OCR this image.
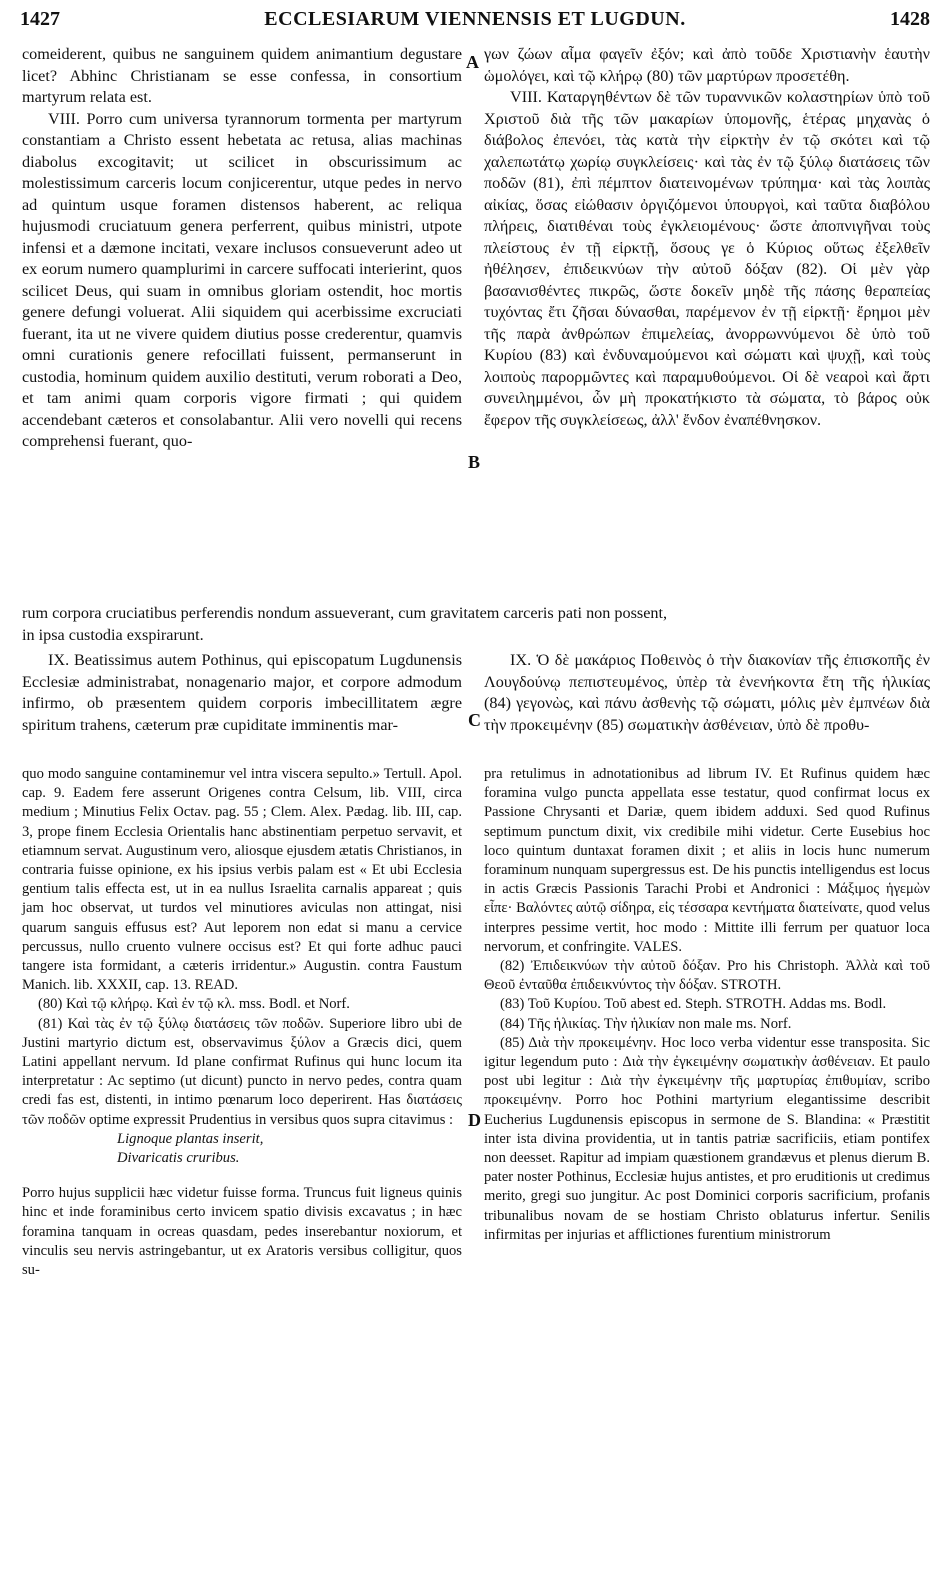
1427	ECCLESIARUM VIENNENSIS ET LUGDUN.	1428

comeiderent, quibus ne sanguinem quidem animantium degustare licet? Abhinc Christianam se esse confessa, in consortium martyrum relata est.

VIII. Porro cum universa tyrannorum tormenta per martyrum constantiam a Christo essent hebetata ac retusa, alias machinas diabolus excogitavit; ut scilicet in obscurissimum ac molestissimum carceris locum conjicerentur, utque pedes in nervo ad quintum usque foramen distensos haberent, ac reliqua hujusmodi cruciatuum genera perferrent, quibus ministri, utpote infensi et a dæmone incitati, vexare inclusos consueverunt adeo ut ex eorum numero quamplurimi in carcere suffocati interierint, quos scilicet Deus, qui suam in omnibus gloriam ostendit, hoc mortis genere defungi voluerat. Alii siquidem qui acerbissime excruciati fuerant, ita ut ne vivere quidem diutius posse crederentur, quamvis omni curationis genere refocillati fuissent, permanserunt in custodia, hominum quidem auxilio destituti, verum roborati a Deo, et tam animi quam corporis vigore firmati ; qui quidem accendebant cæteros et consolabantur. Alii vero novelli qui recens comprehensi fuerant, quo-

γων ζώων αἷμα φαγεῖν ἐξόν; καὶ ἀπὸ τοῦδε Χριστιανὴν ἑαυτὴν ὡμολόγει, καὶ τῷ κλήρῳ (80) τῶν μαρτύρων προσετέθη.

VIII. Καταργηθέντων δὲ τῶν τυραννικῶν κολαστηρίων ὑπὸ τοῦ Χριστοῦ διὰ τῆς τῶν μακαρίων ὑπομονῆς, ἑτέρας μηχανὰς ὁ διάβολος ἐπενόει, τὰς κατὰ τὴν εἱρκτὴν ἐν τῷ σκότει καὶ τῷ χαλεπωτάτῳ χωρίῳ συγκλείσεις· καὶ τὰς ἐν τῷ ξύλῳ διατάσεις τῶν ποδῶν (81), ἐπὶ πέμπτον διατεινομένων τρύπημα· καὶ τὰς λοιπὰς αἰκίας, ὅσας εἰώθασιν ὀργιζόμενοι ὑπουργοὶ, καὶ ταῦτα διαβόλου πλήρεις, διατιθέναι τοὺς ἐγκλειομένους· ὥστε ἀποπνιγῆναι τοὺς πλείστους ἐν τῇ εἱρκτῇ, ὅσους γε ὁ Κύριος οὕτως ἐξελθεῖν ἠθέλησεν, ἐπιδεικνύων τὴν αὐτοῦ δόξαν (82). Οἱ μὲν γὰρ βασανισθέντες πικρῶς, ὥστε δοκεῖν μηδὲ τῆς πάσης θεραπείας τυχόντας ἔτι ζῆσαι δύνασθαι, παρέμενον ἐν τῇ εἱρκτῇ· ἔρημοι μὲν τῆς παρὰ ἀνθρώπων ἐπιμελείας, ἀνορρωννύμενοι δὲ ὑπὸ τοῦ Κυρίου (83) καὶ ἐνδυναμούμενοι καὶ σώματι καὶ ψυχῇ, καὶ τοὺς λοιποὺς παρορμῶντες καὶ παραμυθούμενοι. Οἱ δὲ νεαροὶ καὶ ἄρτι συνειλημμένοι, ὧν μὴ προκατήκιστο τὰ σώματα, τὸ βάρος οὐκ ἔφερον τῆς συγκλείσεως, ἀλλ' ἔνδον ἐναπέθνησκον.

A
B
C
D
rum corpora cruciatibus perferendis nondum assueverant, cum gravitatem carceris pati non possent,
in ipsa custodia exspirarunt.

IX. Beatissimus autem Pothinus, qui episcopatum Lugdunensis Ecclesiæ administrabat, nonagenario major, et corpore admodum infirmo, ob præsentem quidem corporis imbecillitatem ægre spiritum trahens, cæterum præ cupiditate imminentis mar-

IX. Ὁ δὲ μακάριος Ποθεινὸς ὁ τὴν διακονίαν τῆς ἐπισκοπῆς ἐν Λουγδούνῳ πεπιστευμένος, ὑπὲρ τὰ ἐνενήκοντα ἔτη τῆς ἡλικίας (84) γεγονὼς, καὶ πάνυ ἀσθενὴς τῷ σώματι, μόλις μὲν ἐμπνέων διὰ τὴν προκειμένην (85) σωματικὴν ἀσθένειαν, ὑπὸ δὲ προθυ-

quo modo sanguine contaminemur vel intra viscera sepulto.» Tertull. Apol. cap. 9. Eadem fere asserunt Origenes contra Celsum, lib. VIII, circa medium ; Minutius Felix Octav. pag. 55 ; Clem. Alex. Pædag. lib. III, cap. 3, prope finem Ecclesia Orientalis hanc abstinentiam perpetuo servavit, et etiamnum servat. Augustinum vero, aliosque ejusdem ætatis Christianos, in contraria fuisse opinione, ex his ipsius verbis palam est « Et ubi Ecclesia gentium talis effecta est, ut in ea nullus Israelita carnalis appareat ; quis jam hoc observat, ut turdos vel minutiores aviculas non attingat, nisi quarum sanguis effusus est? Aut leporem non edat si manu a cervice percussus, nullo cruento vulnere occisus est? Et qui forte adhuc pauci tangere ista formidant, a cæteris irridentur.» Augustin. contra Faustum Manich. lib. XXXII, cap. 13. READ.

(80) Καὶ τῷ κλήρῳ. Καὶ ἐν τῷ κλ. mss. Bodl. et Norf.

(81) Καὶ τὰς ἐν τῷ ξύλῳ διατάσεις τῶν ποδῶν. Superiore libro ubi de Justini martyrio dictum est, observavimus ξύλον a Græcis dici, quem Latini appellant nervum. Id plane confirmat Rufinus qui hunc locum ita interpretatur : Ac septimo (ut dicunt) puncto in nervo pedes, contra quam credi fas est, distenti, in intimo pœnarum loco deperirent. Has διατάσεις τῶν ποδῶν optime expressit Prudentius in versibus quos supra citavimus :

Lignoque plantas inserit,

Divaricatis cruribus.

Porro hujus supplicii hæc videtur fuisse forma. Truncus fuit ligneus quinis hinc et inde foraminibus certo invicem spatio divisis excavatus ; in hæc foramina tanquam in ocreas quasdam, pedes inserebantur noxiorum, et vinculis seu nervis astringebantur, ut ex Aratoris versibus colligitur, quos su-

pra retulimus in adnotationibus ad librum IV. Et Rufinus quidem hæc foramina vulgo puncta appellata esse testatur, quod confirmat locus ex Passione Chrysanti et Dariæ, quem ibidem adduxi. Sed quod Rufinus septimum punctum dixit, vix credibile mihi videtur. Certe Eusebius hoc loco quintum duntaxat foramen dixit ; et aliis in locis hunc numerum foraminum nunquam supergressus est. De his punctis intelligendus est locus in actis Græcis Passionis Tarachi Probi et Andronici : Μάξιμος ἡγεμὼν εἶπε· Βαλόντες αὐτῷ σίδηρα, εἰς τέσσαρα κεντήματα διατείνατε, quod velus interpres pessime vertit, hoc modo : Mittite illi ferrum per quatuor loca nervorum, et confringite. VALES.

(82) Ἐπιδεικνύων τὴν αὐτοῦ δόξαν. Pro his Christoph. Ἀλλὰ καὶ τοῦ Θεοῦ ἐνταῦθα ἐπιδεικνύντος τὴν δόξαν. STROTH.

(83) Τοῦ Κυρίου. Τοῦ abest ed. Steph. STROTH. Addas ms. Bodl.

(84) Τῆς ἡλικίας. Τὴν ἡλικίαν non male ms. Norf.

(85) Διὰ τὴν προκειμένην. Hoc loco verba videntur esse transposita. Sic igitur legendum puto : Διὰ τὴν ἐγκειμένην σωματικὴν ἀσθένειαν. Et paulo post ubi legitur : Διὰ τὴν ἐγκειμένην τῆς μαρτυρίας ἐπιθυμίαν, scribo προκειμένην. Porro hoc Pothini martyrium elegantissime describit Eucherius Lugdunensis episcopus in sermone de S. Blandina: « Præstitit inter ista divina providentia, ut in tantis patriæ sacrificiis, etiam pontifex non deesset. Rapitur ad impiam quæstionem grandævus et plenus dierum B. pater noster Pothinus, Ecclesiæ hujus antistes, et pro eruditionis ut credimus merito, gregi suo jungitur. Ac post Dominici corporis sacrificium, profanis tribunalibus novam de se hostiam Christo oblaturus infertur. Senilis infirmitas per injurias et afflictiones furentium ministrorum
